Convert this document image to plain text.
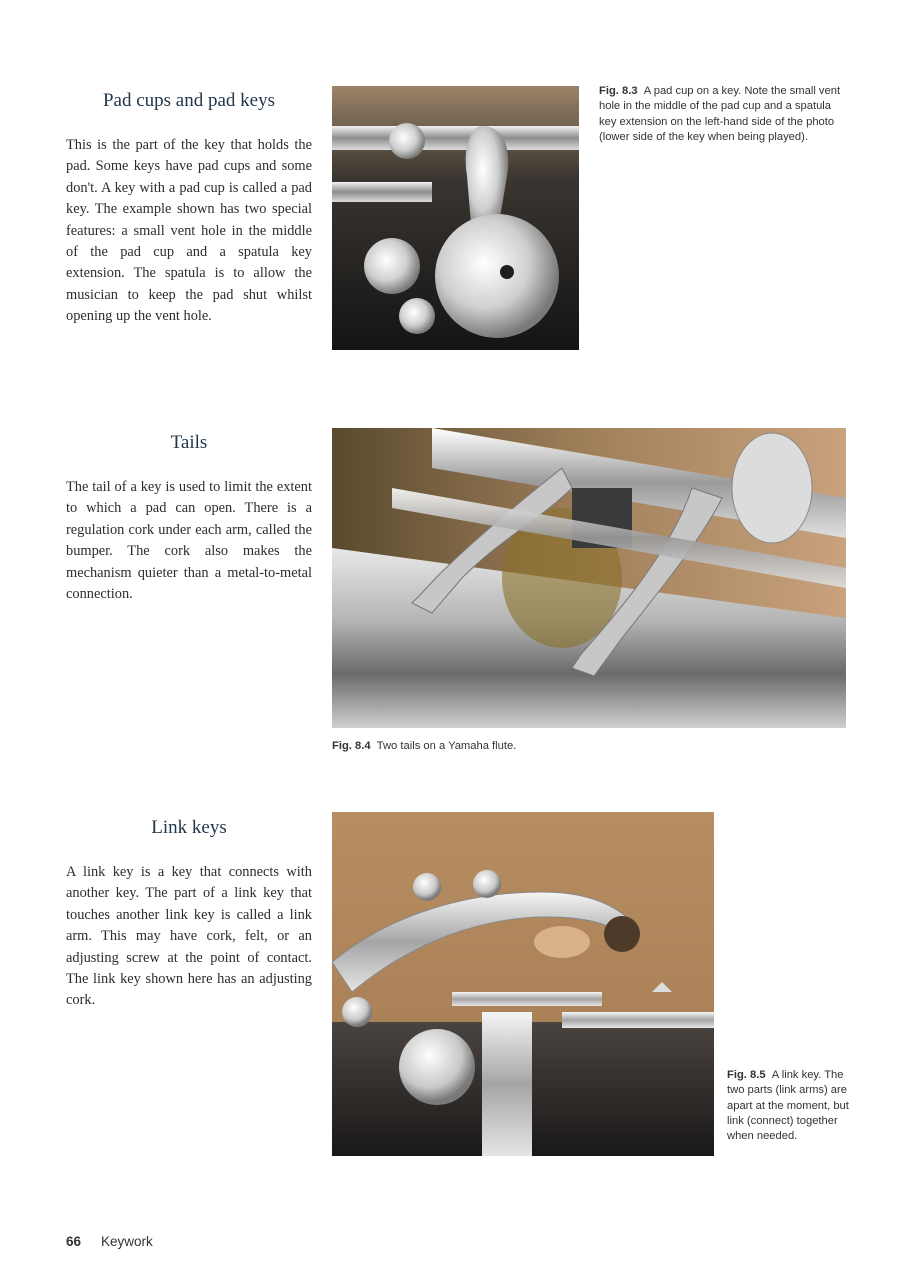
Pad cups and pad keys

This is the part of the key that holds the pad. Some keys have pad cups and some don't. A key with a pad cup is called a pad key. The example shown has two special features: a small vent hole in the middle of the pad cup and a spatula key extension. The spatula is to allow the musician to keep the pad shut whilst opening up the vent hole.

Fig. 8.3 A pad cup on a key. Note the small vent hole in the middle of the pad cup and a spatula key extension on the left-hand side of the photo (lower side of the key when being played).

Tails

The tail of a key is used to limit the extent to which a pad can open. There is a regulation cork under each arm, called the bumper. The cork also makes the mechanism quieter than a metal-to-metal connection.

Fig. 8.4 Two tails on a Yamaha flute.

Link keys

A link key is a key that connects with another key. The part of a link key that touches another link key is called a link arm. This may have cork, felt, or an adjusting screw at the point of contact. The link key shown here has an adjusting cork.

Fig. 8.5 A link key. The two parts (link arms) are apart at the moment, but link (connect) together when needed.

66 Keywork
